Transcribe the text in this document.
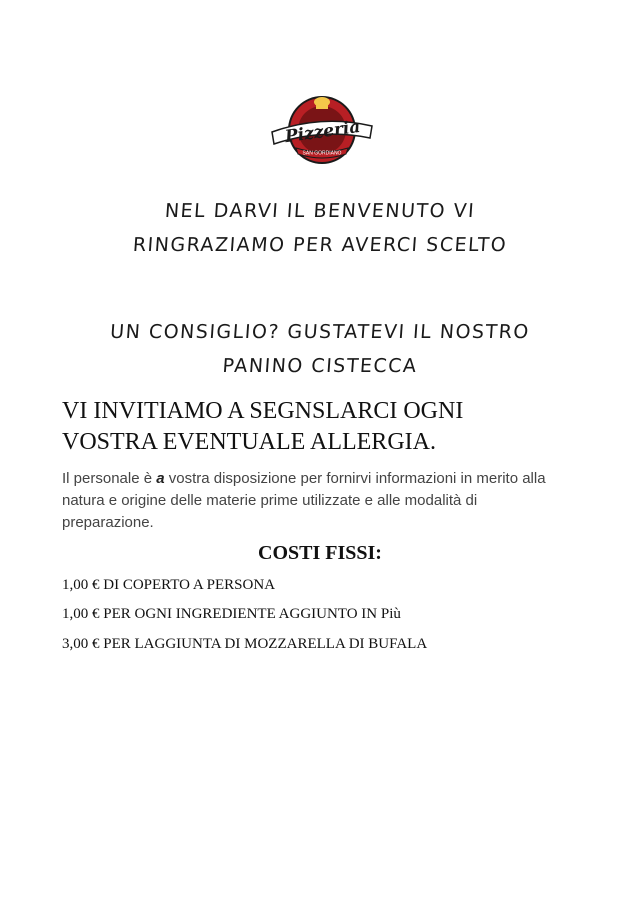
Pizzeria
SAN GORDIANO
NEL DARVI IL BENVENUTO VI
RINGRAZIAMO PER AVERCI SCELTO
UN CONSIGLIO? GUSTATEVI IL NOSTRO
PANINO CISTECCA
VI INVITIAMO A SEGNSLARCI OGNI
VOSTRA EVENTUALE ALLERGIA.
Il personale è a vostra disposizione per fornirvi informazioni in merito alla natura e origine delle materie prime utilizzate e alle modalità di preparazione.
COSTI FISSI:
1,00 € DI COPERTO A PERSONA
1,00 € PER OGNI INGREDIENTE AGGIUNTO IN Più
3,00 € PER LAGGIUNTA DI MOZZARELLA DI BUFALA
